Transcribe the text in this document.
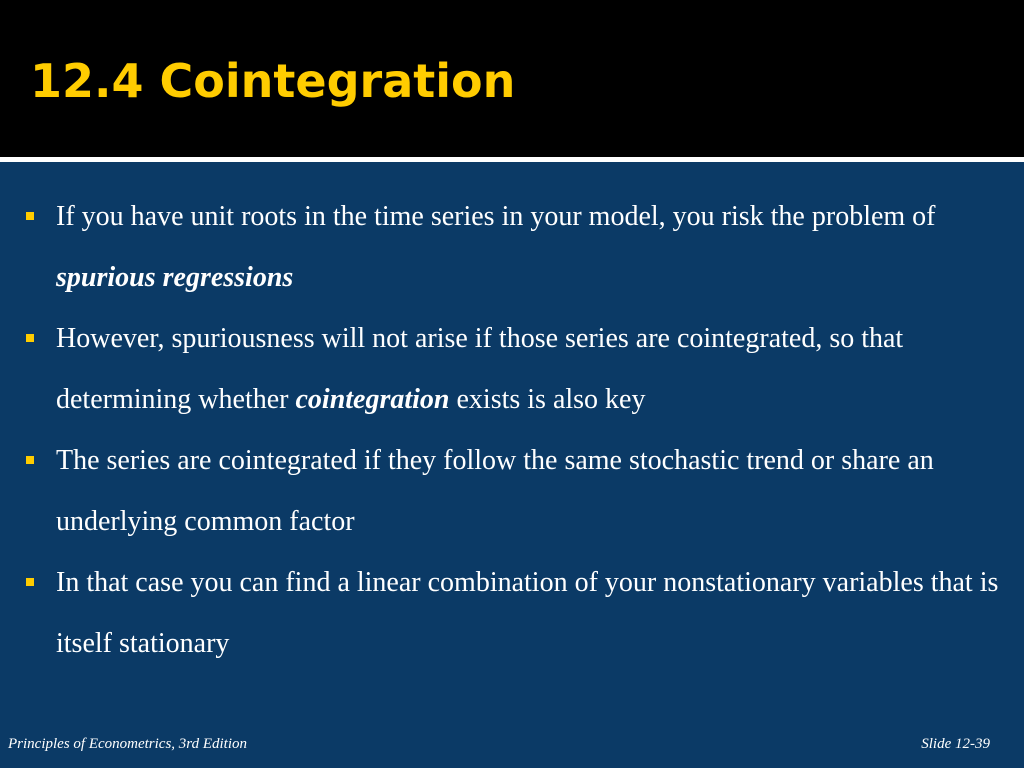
12.4 Cointegration
If you have unit roots in the time series in your model, you risk the problem of spurious regressions
However, spuriousness will not arise if those series are cointegrated, so that determining whether cointegration exists is also key
The series are cointegrated if they follow the same stochastic trend or share an underlying common factor
In that case you can find a linear combination of your nonstationary variables that is itself stationary
Principles of Econometrics, 3rd Edition	Slide 12-39
